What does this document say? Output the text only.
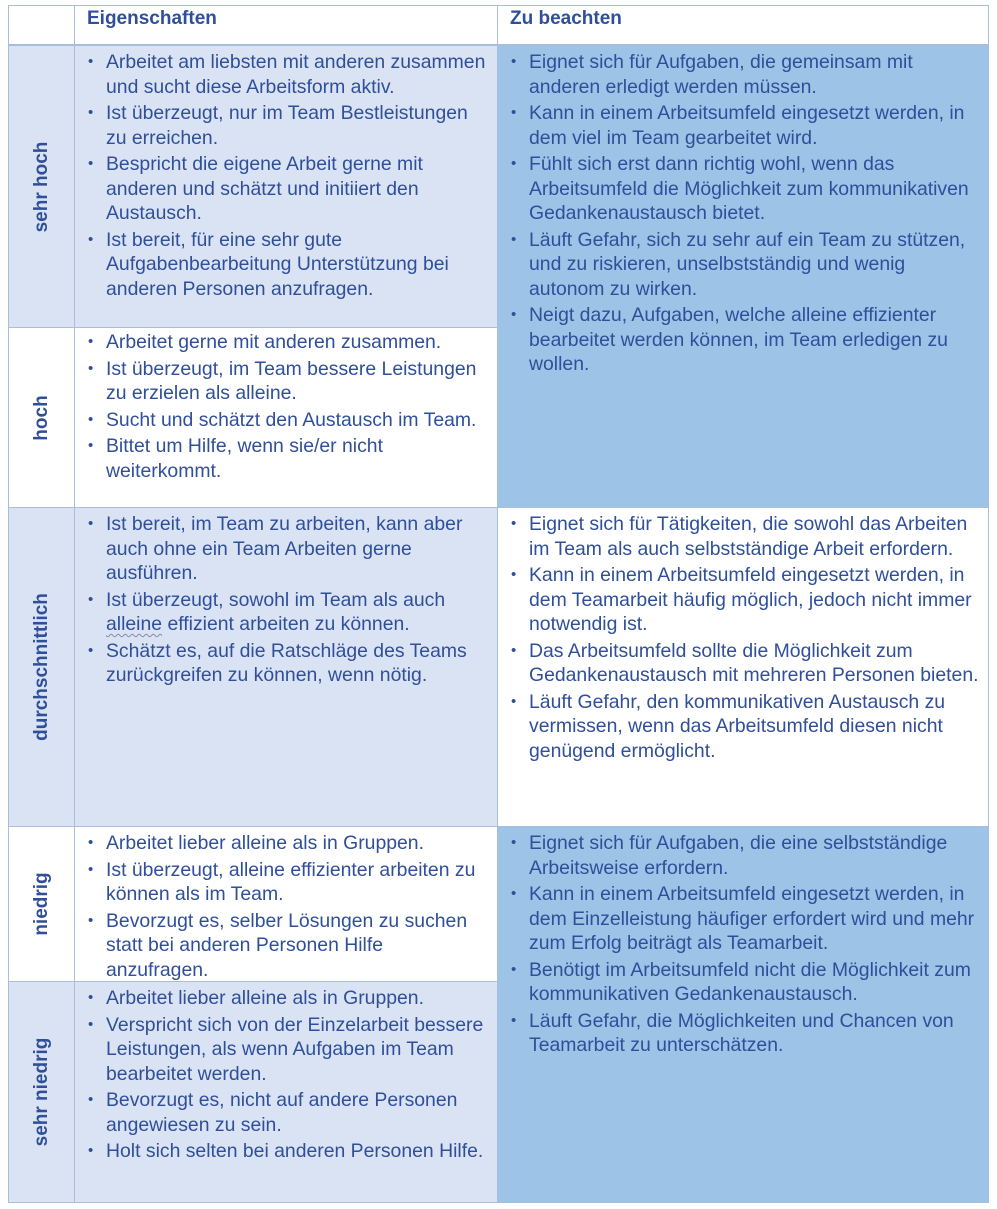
Eigenschaften	Zu beachten
sehr hoch
hoch
durchschnittlich
niedrig
sehr niedrig
• Arbeitet am liebsten mit anderen zusammen und sucht diese Arbeitsform aktiv.
• Ist überzeugt, nur im Team Bestleistungen zu erreichen.
• Bespricht die eigene Arbeit gerne mit anderen und schätzt und initiiert den Austausch.
• Ist bereit, für eine sehr gute Aufgabenbearbeitung Unterstützung bei anderen Personen anzufragen.
• Arbeitet gerne mit anderen zusammen.
• Ist überzeugt, im Team bessere Leistungen zu erzielen als alleine.
• Sucht und schätzt den Austausch im Team.
• Bittet um Hilfe, wenn sie/er nicht weiterkommt.
• Ist bereit, im Team zu arbeiten, kann aber auch ohne ein Team Arbeiten gerne ausführen.
• Ist überzeugt, sowohl im Team als auch alleine effizient arbeiten zu können.
• Schätzt es, auf die Ratschläge des Teams zurückgreifen zu können, wenn nötig.
• Arbeitet lieber alleine als in Gruppen.
• Ist überzeugt, alleine effizienter arbeiten zu können als im Team.
• Bevorzugt es, selber Lösungen zu suchen statt bei anderen Personen Hilfe anzufragen.
• Arbeitet lieber alleine als in Gruppen.
• Verspricht sich von der Einzelarbeit bessere Leistungen, als wenn Aufgaben im Team bearbeitet werden.
• Bevorzugt es, nicht auf andere Personen angewiesen zu sein.
• Holt sich selten bei anderen Personen Hilfe.
• Eignet sich für Aufgaben, die gemeinsam mit anderen erledigt werden müssen.
• Kann in einem Arbeitsumfeld eingesetzt werden, in dem viel im Team gearbeitet wird.
• Fühlt sich erst dann richtig wohl, wenn das Arbeitsumfeld die Möglichkeit zum kommunikativen Gedankenaustausch bietet.
• Läuft Gefahr, sich zu sehr auf ein Team zu stützen, und zu riskieren, unselbstständig und wenig autonom zu wirken.
• Neigt dazu, Aufgaben, welche alleine effizienter bearbeitet werden können, im Team erledigen zu wollen.
• Eignet sich für Tätigkeiten, die sowohl das Arbeiten im Team als auch selbstständige Arbeit erfordern.
• Kann in einem Arbeitsumfeld eingesetzt werden, in dem Teamarbeit häufig möglich, jedoch nicht immer notwendig ist.
• Das Arbeitsumfeld sollte die Möglichkeit zum Gedankenaustausch mit mehreren Personen bieten.
• Läuft Gefahr, den kommunikativen Austausch zu vermissen, wenn das Arbeitsumfeld diesen nicht genügend ermöglicht.
• Eignet sich für Aufgaben, die eine selbstständige Arbeitsweise erfordern.
• Kann in einem Arbeitsumfeld eingesetzt werden, in dem Einzelleistung häufiger erfordert wird und mehr zum Erfolg beiträgt als Teamarbeit.
• Benötigt im Arbeitsumfeld nicht die Möglichkeit zum kommunikativen Gedankenaustausch.
• Läuft Gefahr, die Möglichkeiten und Chancen von Teamarbeit zu unterschätzen.
